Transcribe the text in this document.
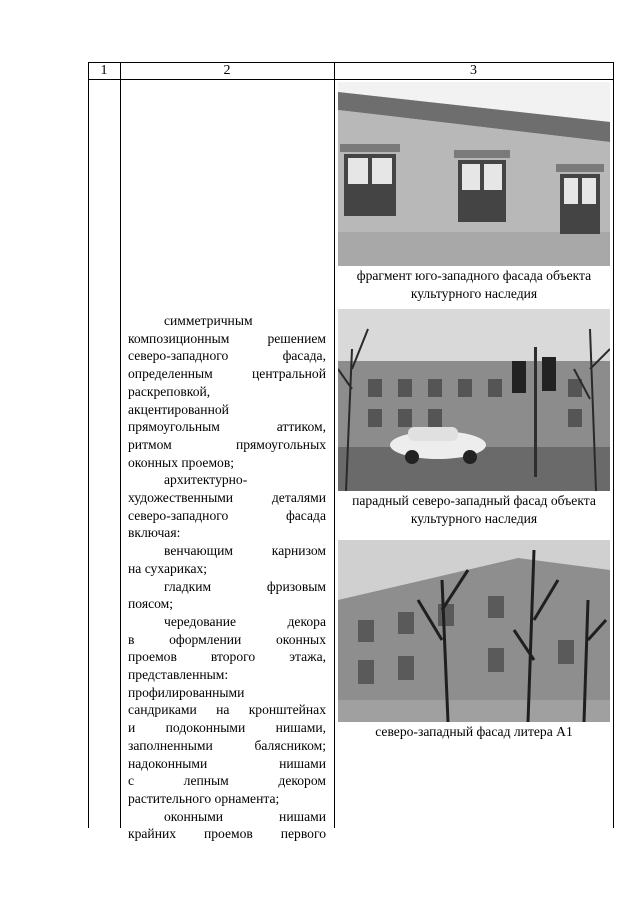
1	2	3

симметричным

композиционным решением

северо-западного фасада,

определенным центральной

раскреповкой,

акцентированной

прямоугольным аттиком,

ритмом прямоугольных

оконных проемов;

архитектурно-

художественными деталями

северо-западного фасада

включая:

венчающим карнизом

на сухариках;

гладким фризовым

поясом;

чередование декора

в оформлении оконных

проемов второго этажа,

представленным:

профилированными

сандриками на кронштейнах

и подоконными нишами,

заполненными балясником;

надоконными нишами

с лепным декором

растительного орнамента;

оконными нишами

крайних проемов первого

фрагмент юго-западного фасада объекта
культурного наследия
парадный северо-западный фасад объекта
культурного наследия
северо-западный фасад литера А1
